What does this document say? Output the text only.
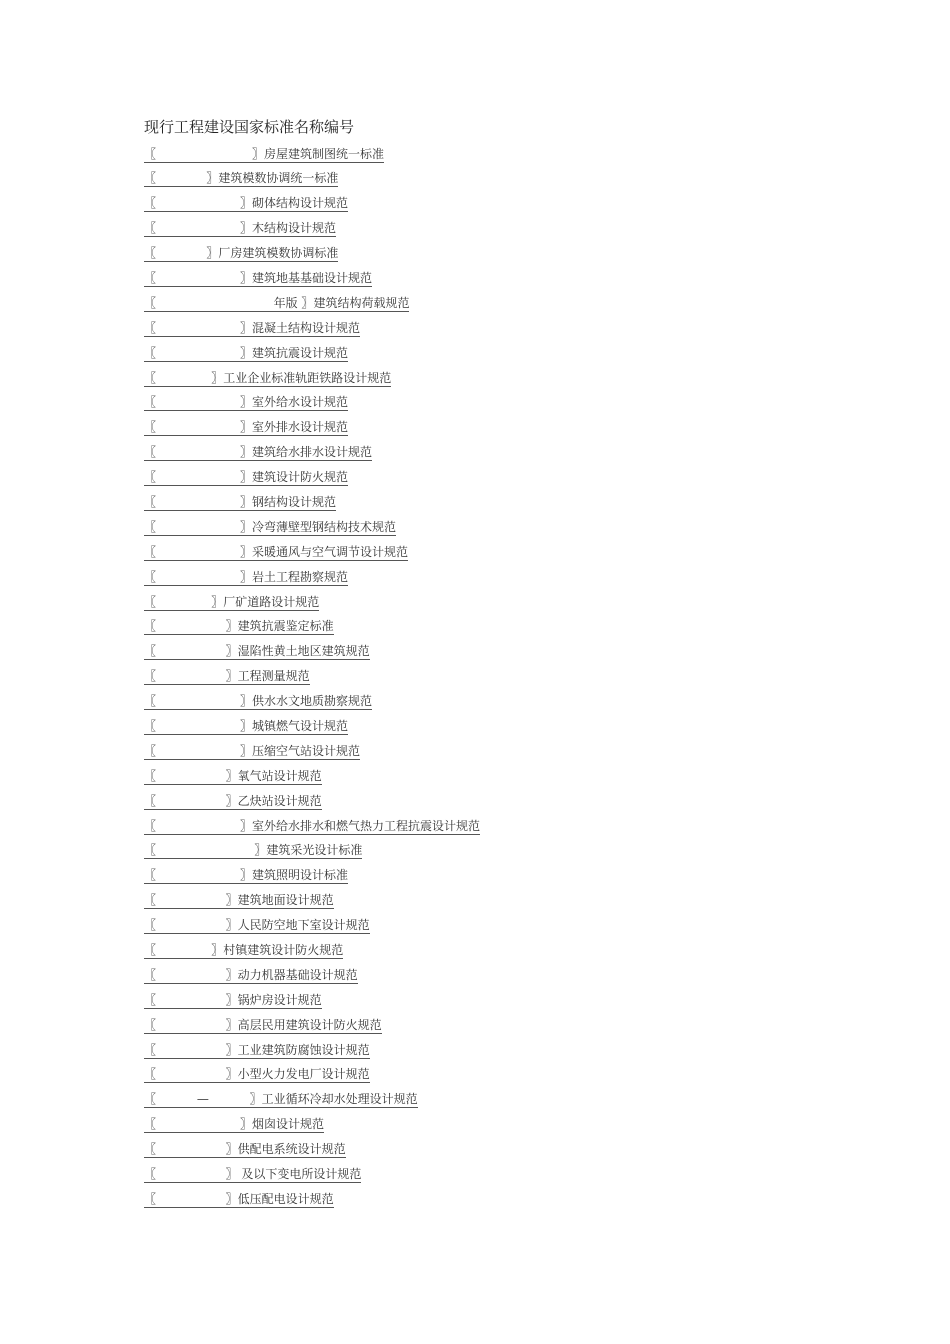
现行工程建设国家标准名称编号
〖	〗房屋建筑制图统一标准
〖	〗建筑模数协调统一标准
〖	〗砌体结构设计规范
〖	〗木结构设计规范
〖	〗厂房建筑模数协调标准
〖	〗建筑地基基础设计规范
〖	年版 〗建筑结构荷载规范
〖	〗混凝土结构设计规范
〖	〗建筑抗震设计规范
〖	〗工业企业标准轨距铁路设计规范
〖	〗室外给水设计规范
〖	〗室外排水设计规范
〖	〗建筑给水排水设计规范
〖	〗建筑设计防火规范
〖	〗钢结构设计规范
〖	〗冷弯薄壁型钢结构技术规范
〖	〗采暖通风与空气调节设计规范
〖	〗岩土工程勘察规范
〖	〗厂矿道路设计规范
〖	〗建筑抗震鉴定标准
〖	〗湿陷性黄土地区建筑规范
〖	〗工程测量规范
〖	〗供水水文地质勘察规范
〖	〗城镇燃气设计规范
〖	〗压缩空气站设计规范
〖	〗氧气站设计规范
〖	〗乙炔站设计规范
〖	〗室外给水排水和燃气热力工程抗震设计规范
〖	〗建筑采光设计标准
〖	〗建筑照明设计标准
〖	〗建筑地面设计规范
〖	〗人民防空地下室设计规范
〖	〗村镇建筑设计防火规范
〖	〗动力机器基础设计规范
〖	〗锅炉房设计规范
〖	〗高层民用建筑设计防火规范
〖	〗工业建筑防腐蚀设计规范
〖	〗小型火力发电厂设计规范
〖	—	〗工业循环冷却水处理设计规范
〖	〗烟囱设计规范
〖	〗供配电系统设计规范
〖	〗 及以下变电所设计规范
〖	〗低压配电设计规范
